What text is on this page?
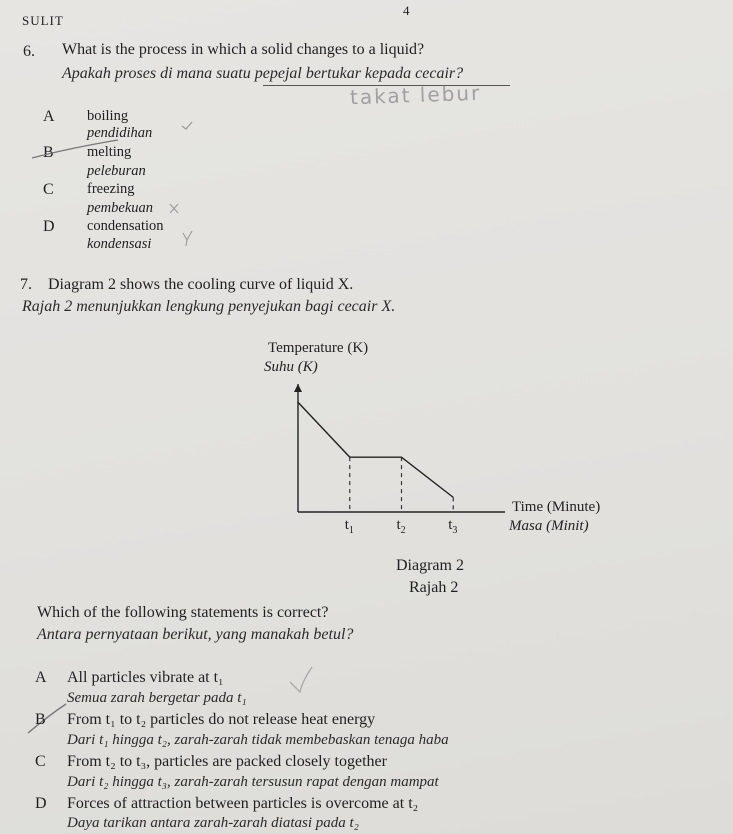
SULIT
4
6. What is the process in which a solid changes to a liquid?
Apakah proses di mana suatu pepejal bertukar kepada cecair?
takat lebur
A boiling
pendidihan
B melting
peleburan
C freezing
pembekuan
D condensation
kondensasi
7. Diagram 2 shows the cooling curve of liquid X.
Rajah 2 menunjukkan lengkung penyejukan bagi cecair X.
Temperature (K)
Suhu (K)
$t_1$	$t_2$	$t_3$
Time (Minute)
Masa (Minit)
Diagram 2
Rajah 2
Which of the following statements is correct?
Antara pernyataan berikut, yang manakah betul?
A All particles vibrate at t₁
Semua zarah bergetar pada t₁
B From t₁ to t₂ particles do not release heat energy
Dari t₁ hingga t₂, zarah-zarah tidak membebaskan tenaga haba
C From t₂ to t₃, particles are packed closely together
Dari t₂ hingga t₃, zarah-zarah tersusun rapat dengan mampat
D Forces of attraction between particles is overcome at t₂
Daya tarikan antara zarah-zarah diatasi pada t₂
